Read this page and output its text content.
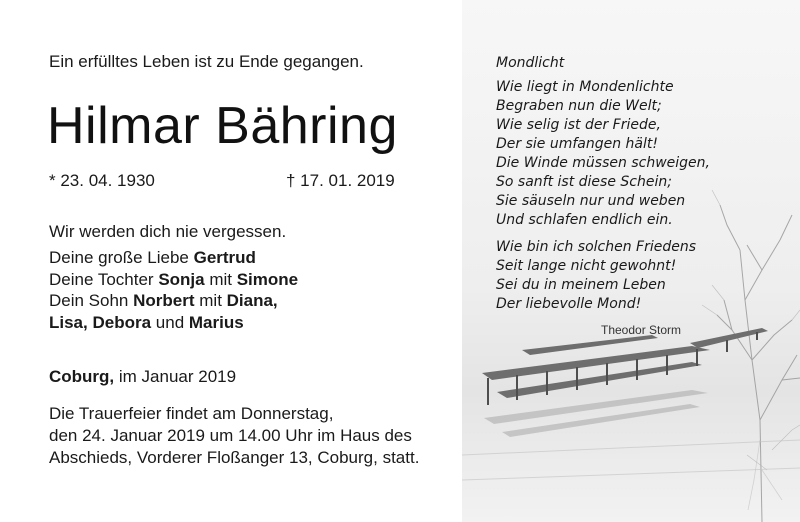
Ein erfülltes Leben ist zu Ende gegangen.
Hilmar Bähring
* 23. 04. 1930	† 17. 01. 2019
Wir werden dich nie vergessen.
Deine große Liebe Gertrud
Deine Tochter Sonja mit Simone
Dein Sohn Norbert mit Diana,
Lisa, Debora und Marius
Coburg, im Januar 2019
Die Trauerfeier findet am Donnerstag,
den 24. Januar 2019 um 14.00 Uhr im Haus des
Abschieds, Vorderer Floßanger 13, Coburg, statt.
Mondlicht
Wie liegt in Mondenlichte
Begraben nun die Welt;
Wie selig ist der Friede,
Der sie umfangen hält!
Die Winde müssen schweigen,
So sanft ist diese Schein;
Sie säuseln nur und weben
Und schlafen endlich ein.
Wie bin ich solchen Friedens
Seit lange nicht gewohnt!
Sei du in meinem Leben
Der liebevolle Mond!
Theodor Storm
